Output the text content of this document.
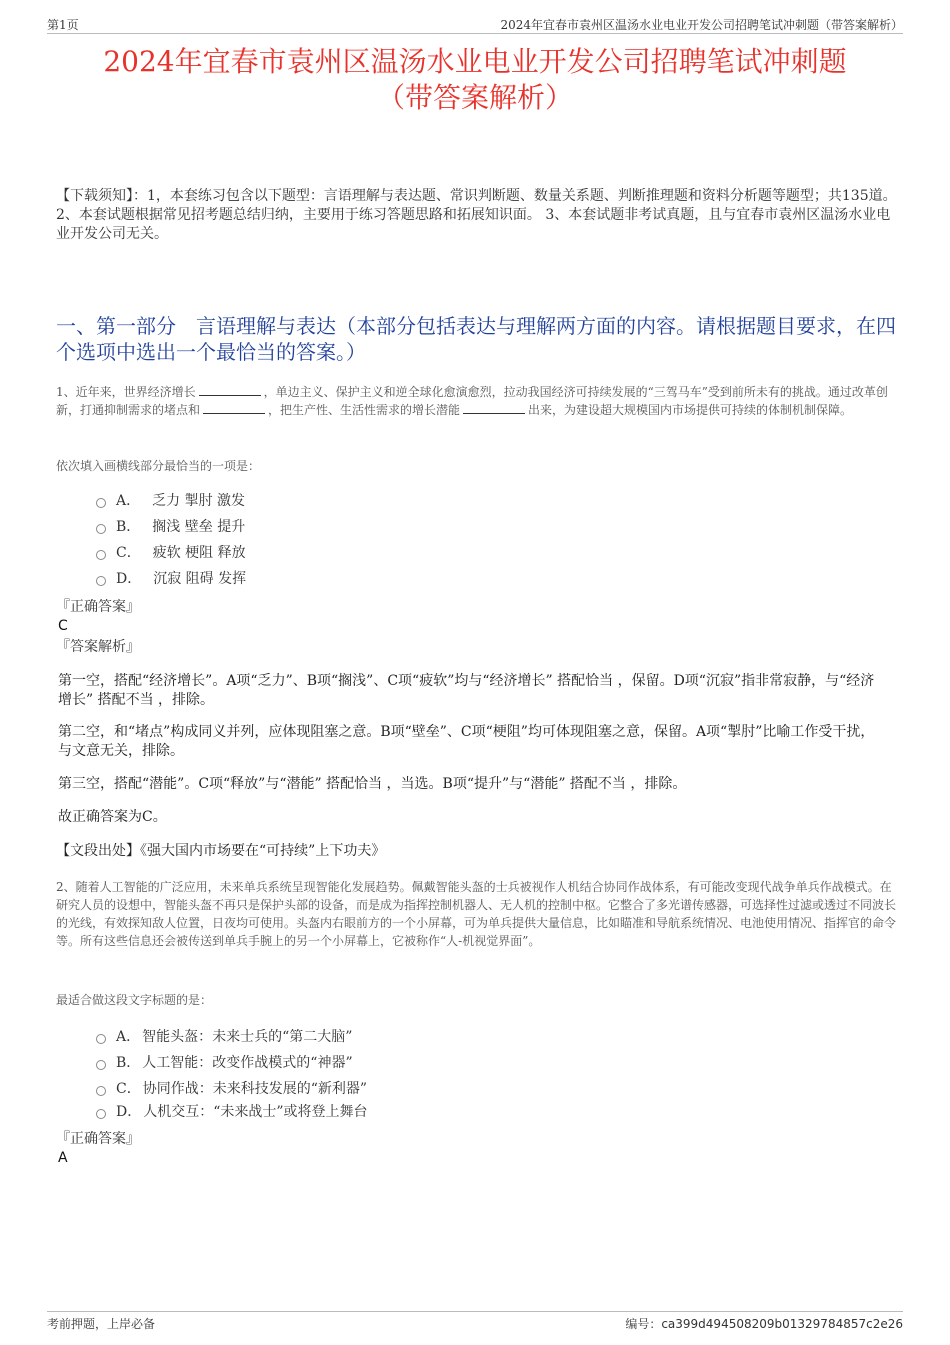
第1页	2024年宜春市袁州区温汤水业电业开发公司招聘笔试冲刺题（带答案解析）
2024年宜春市袁州区温汤水业电业开发公司招聘笔试冲刺题
（带答案解析）
【下载须知】：1，本套练习包含以下题型：言语理解与表达题、常识判断题、数量关系题、判断推理题和资料分析题等题型；共135道。 2、本套试题根据常见招考题总结归纳，主要用于练习答题思路和拓展知识面。 3、本套试题非考试真题，且与宜春市袁州区温汤水业电业开发公司无关。
一、第一部分　言语理解与表达（本部分包括表达与理解两方面的内容。请根据题目要求，在四个选项中选出一个最恰当的答案。）
1、近年来，世界经济增长	，单边主义、保护主义和逆全球化愈演愈烈，拉动我国经济可持续发展的“三驾马车”受到前所未有的挑战。通过改革创新，打通抑制需求的堵点和	，把生产性、生活性需求的增长潜能	出来，为建设超大规模国内市场提供可持续的体制机制保障。
依次填入画横线部分最恰当的一项是：
A． 乏力 掣肘 激发
B． 搁浅 壁垒 提升
C． 疲软 梗阻 释放
D． 沉寂 阻碍 发挥
『正确答案』
C
『答案解析』
第一空，搭配“经济增长”。A项“乏力”、B项“搁浅”、C项“疲软”均与“经济增长” 搭配恰当 ，保留。D项“沉寂”指非常寂静，与“经济增长” 搭配不当 ，排除。
第二空，和“堵点”构成同义并列，应体现阻塞之意。B项“壁垒”、C项“梗阻”均可体现阻塞之意，保留。A项“掣肘”比喻工作受干扰，与文意无关，排除。
第三空，搭配“潜能”。C项“释放”与“潜能” 搭配恰当 ，当选。B项“提升”与“潜能” 搭配不当 ，排除。
故正确答案为C。
【文段出处】《强大国内市场要在“可持续”上下功夫》
2、随着人工智能的广泛应用，未来单兵系统呈现智能化发展趋势。佩戴智能头盔的士兵被视作人机结合协同作战体系，有可能改变现代战争单兵作战模式。在研究人员的设想中，智能头盔不再只是保护头部的设备，而是成为指挥控制机器人、无人机的控制中枢。它整合了多光谱传感器，可选择性过滤或透过不同波长的光线，有效探知敌人位置，日夜均可使用。头盔内右眼前方的一个小屏幕，可为单兵提供大量信息，比如瞄准和导航系统情况、电池使用情况、指挥官的命令等。所有这些信息还会被传送到单兵手腕上的另一个小屏幕上，它被称作“人-机视觉界面”。
最适合做这段文字标题的是：
A． 智能头盔：未来士兵的“第二大脑”
B． 人工智能：改变作战模式的“神器”
C． 协同作战：未来科技发展的“新利器”
D． 人机交互：“未来战士”或将登上舞台
『正确答案』
A
考前押题，上岸必备	编号：ca399d494508209b01329784857c2e26
